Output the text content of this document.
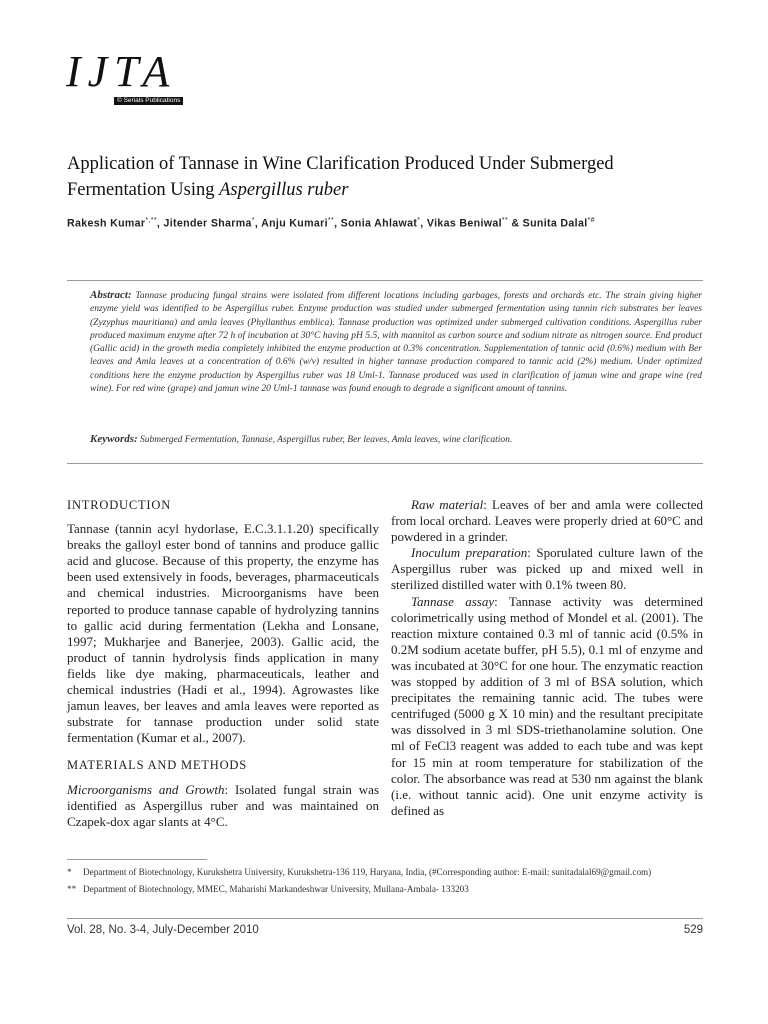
IJTA
© Serials Publications
Application of Tannase in Wine Clarification Produced Under Submerged Fermentation Using Aspergillus ruber
Rakesh Kumar*,**, Jitender Sharma*, Anju Kumari**, Sonia Ahlawat*, Vikas Beniwal** & Sunita Dalal*#

Abstract: Tannase producing fungal strains were isolated from different locations including garbages, forests and orchards etc. The strain giving higher enzyme yield was identified to be Aspergillus ruber. Enzyme production was studied under submerged fermentation using tannin rich substrates ber leaves (Zyzyphus mauritiana) and amla leaves (Phyllanthus emblica). Tannase production was optimized under submerged cultivation conditions. Aspergillus ruber produced maximum enzyme after 72 h of incubation at 30°C having pH 5.5, with mannitol as carbon source and sodium nitrate as nitrogen source. End product (Gallic acid) in the growth media completely inhibited the enzyme production at 0.3% concentration. Supplementation of tannic acid (0.6%) medium with Ber leaves and Amla leaves at a concentration of 0.6% (w/v) resulted in higher tannase production compared to tannic acid (2%) medium. Under optimized conditions here the enzyme production by Aspergillus ruber was 18 Uml-1. Tannase produced was used in clarification of jamun wine and grape wine (red wine). For red wine (grape) and jamun wine 20 Uml-1 tannase was found enough to degrade a significant amount of tannins.

Keywords: Submerged Fermentation, Tannase, Aspergillus ruber, Ber leaves, Amla leaves, wine clarification.

INTRODUCTION

Tannase (tannin acyl hydorlase, E.C.3.1.1.20) specifically breaks the galloyl ester bond of tannins and produce gallic acid and glucose. Because of this property, the enzyme has been used extensively in foods, beverages, pharmaceuticals and chemical industries. Microorganisms have been reported to produce tannase capable of hydrolyzing tannins to gallic acid during fermentation (Lekha and Lonsane, 1997; Mukharjee and Banerjee, 2003). Gallic acid, the product of tannin hydrolysis finds application in many fields like dye making, pharmaceuticals, leather and chemical industries (Hadi et al., 1994). Agrowastes like jamun leaves, ber leaves and amla leaves were reported as substrate for tannase production under solid state fermentation (Kumar et al., 2007).

MATERIALS AND METHODS

Microorganisms and Growth: Isolated fungal strain was identified as Aspergillus ruber and was maintained on Czapek-dox agar slants at 4°C.

Raw material: Leaves of ber and amla were collected from local orchard. Leaves were properly dried at 60°C and powdered in a grinder.

Inoculum preparation: Sporulated culture lawn of the Aspergillus ruber was picked up and mixed well in sterilized distilled water with 0.1% tween 80.

Tannase assay: Tannase activity was determined colorimetrically using method of Mondel et al. (2001). The reaction mixture contained 0.3 ml of tannic acid (0.5% in 0.2M sodium acetate buffer, pH 5.5), 0.1 ml of enzyme and was incubated at 30°C for one hour. The enzymatic reaction was stopped by addition of 3 ml of BSA solution, which precipitates the remaining tannic acid. The tubes were centrifuged (5000 g X 10 min) and the resultant precipitate was dissolved in 3 ml SDS-triethanolamine solution. One ml of FeCl3 reagent was added to each tube and was kept for 15 min at room temperature for stabilization of the color. The absorbance was read at 530 nm against the blank (i.e. without tannic acid). One unit enzyme activity is defined as

*	Department of Biotechnology, Kurukshetra University, Kurukshetra-136 119, Haryana, India, (#Corresponding author: E-mail: sunitadalal69@gmail.com)
** Department of Biotechnology, MMEC, Maharishi Markandeshwar University, Mullana-Ambala- 133203
Vol. 28, No. 3-4, July-December 2010	529
